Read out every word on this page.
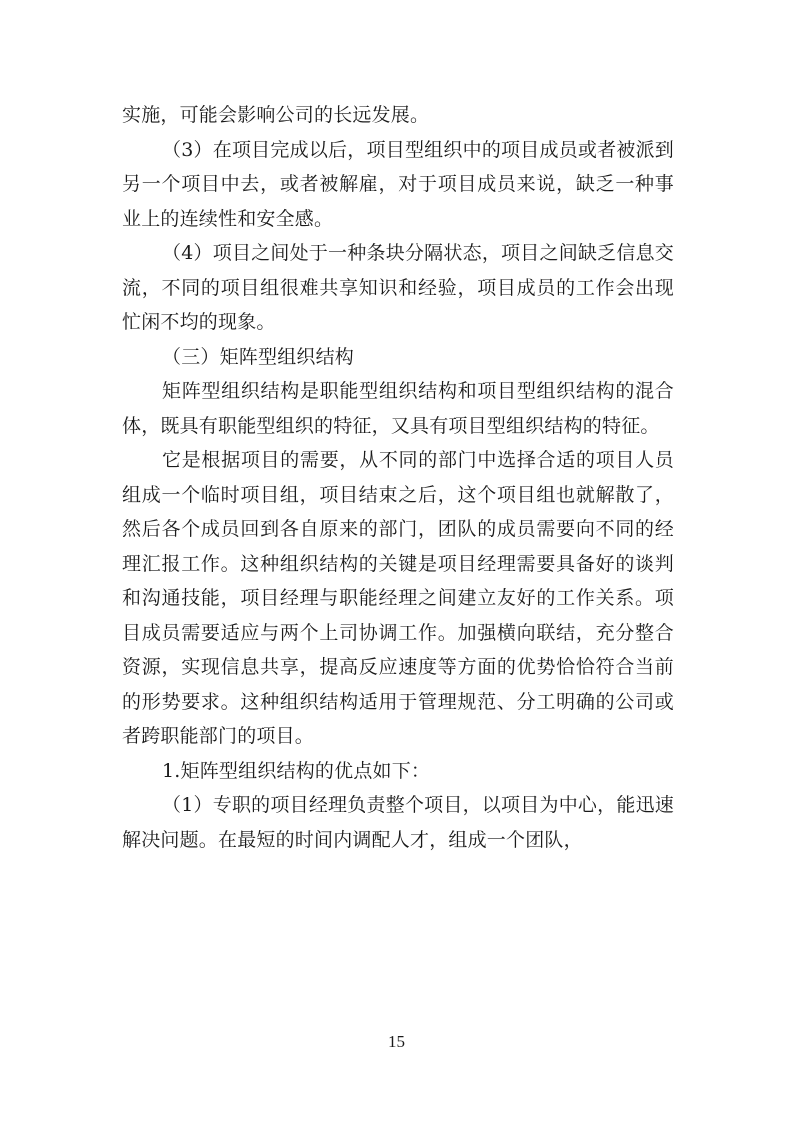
实施，可能会影响公司的长远发展。

（3）在项目完成以后，项目型组织中的项目成员或者被派到另一个项目中去，或者被解雇，对于项目成员来说，缺乏一种事业上的连续性和安全感。

（4）项目之间处于一种条块分隔状态，项目之间缺乏信息交流，不同的项目组很难共享知识和经验，项目成员的工作会出现忙闲不均的现象。

（三）矩阵型组织结构

矩阵型组织结构是职能型组织结构和项目型组织结构的混合体，既具有职能型组织的特征，又具有项目型组织结构的特征。

它是根据项目的需要，从不同的部门中选择合适的项目人员组成一个临时项目组，项目结束之后，这个项目组也就解散了，然后各个成员回到各自原来的部门，团队的成员需要向不同的经理汇报工作。这种组织结构的关键是项目经理需要具备好的谈判和沟通技能，项目经理与职能经理之间建立友好的工作关系。项目成员需要适应与两个上司协调工作。加强横向联结，充分整合资源，实现信息共享，提高反应速度等方面的优势恰恰符合当前的形势要求。这种组织结构适用于管理规范、分工明确的公司或者跨职能部门的项目。

1.矩阵型组织结构的优点如下：

（1）专职的项目经理负责整个项目，以项目为中心，能迅速解决问题。在最短的时间内调配人才，组成一个团队，

15
